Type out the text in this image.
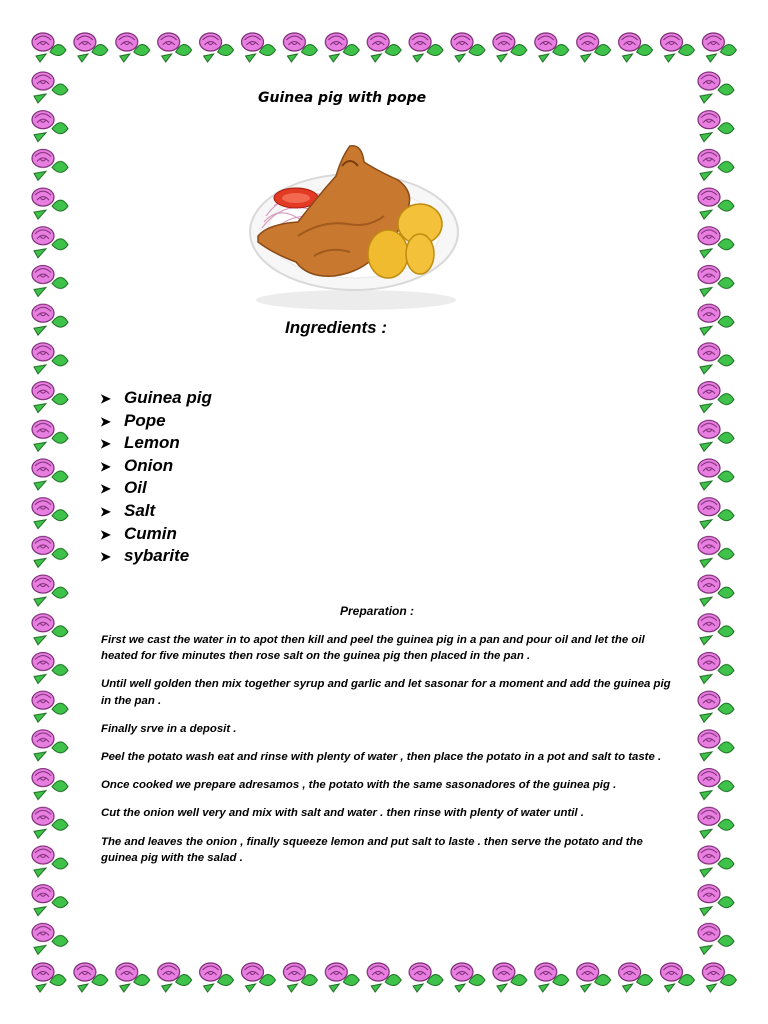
Guinea pig with pope
Ingredients :
➤ Guinea pig
➤ Pope
➤ Lemon
➤ Onion
➤ Oil
➤ Salt
➤ Cumin
➤ sybarite
Preparation :

First we cast the water in to apot then kill and peel the guinea pig in a pan and pour oil and let the oil heated for five minutes then rose salt on the guinea pig then placed in the pan .

Until well golden then mix together syrup and garlic and let sasonar for a moment and add the guinea pig in the pan .

Finally srve in a deposit .

Peel the potato wash eat and rinse with plenty of water , then place the potato in a pot and salt to taste .

Once cooked we prepare adresamos , the potato with the same sasonadores of the guinea pig .

Cut the onion well very and mix with salt and water . then rinse with plenty of water until .

The and leaves the onion , finally squeeze lemon and put salt to laste . then serve the potato and the guinea pig with the salad .
